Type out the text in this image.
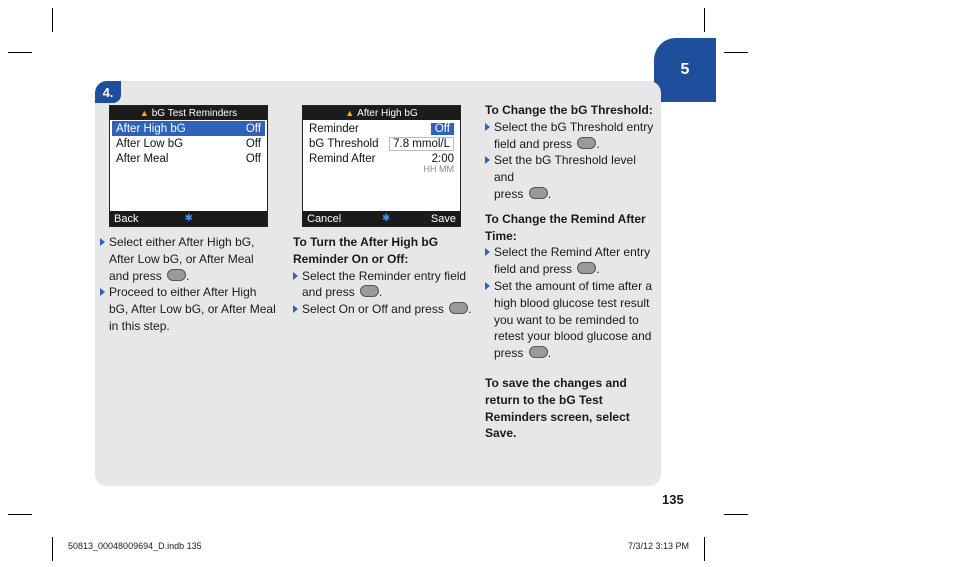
5
4.
▲ bG Test Reminders
After High bG	Off
After Low bG	Off
After Meal	Off
Back	✱
▲ After High bG
Reminder	Off
bG Threshold	7.8 mmol/L
Remind After	2:00
HH MM
Cancel	✱	Save

Select either After High bG,

After Low bG, or After Meal

and press .

Proceed to either After High

bG, After Low bG, or After Meal

in this step.

To Turn the After High bG

Reminder On or Off:

Select the Reminder entry field

and press .

Select On or Off and press .

To Change the bG Threshold:

Select the bG Threshold entry

field and press .

Set the bG Threshold level and

press .

To Change the Remind After

Time:

Select the Remind After entry

field and press .

Set the amount of time after a

high blood glucose test result

you want to be reminded to

retest your blood glucose and

press .

To save the changes and

return to the bG Test

Reminders screen, select

Save.

135
50813_00048009694_D.indb 135	7/3/12 3:13 PM
